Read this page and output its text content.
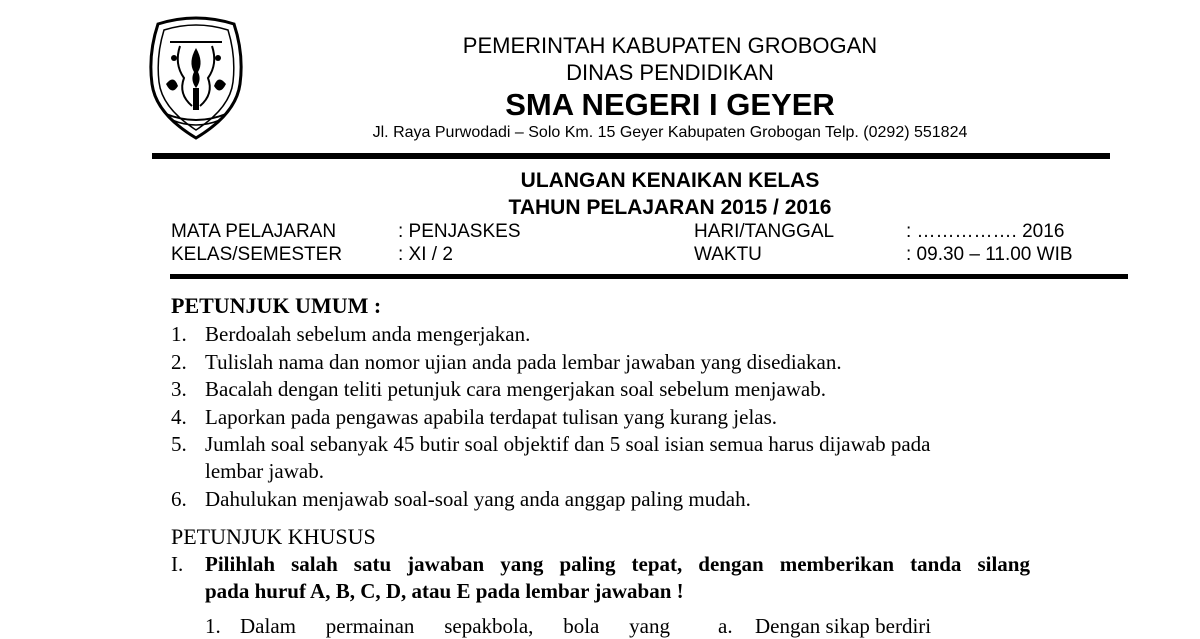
PEMERINTAH KABUPATEN GROBOGAN
DINAS PENDIDIKAN
SMA NEGERI I GEYER
Jl. Raya Purwodadi – Solo Km. 15 Geyer Kabupaten Grobogan Telp. (0292) 551824
ULANGAN KENAIKAN KELAS
TAHUN PELAJARAN 2015 / 2016
MATA PELAJARAN	: PENJASKES	HARI/TANGGAL	: ……………. 2016
KELAS/SEMESTER	: XI / 2	WAKTU	: 09.30 – 11.00 WIB
PETUNJUK UMUM :
1. Berdoalah sebelum anda mengerjakan.
2. Tulislah nama dan nomor ujian anda pada lembar jawaban yang disediakan.
3. Bacalah dengan teliti petunjuk cara mengerjakan soal sebelum menjawab.
4. Laporkan pada pengawas apabila terdapat tulisan yang kurang jelas.
5. Jumlah soal sebanyak 45 butir soal objektif dan 5 soal isian semua harus dijawab pada
lembar jawab.
6. Dahulukan menjawab soal-soal yang anda anggap paling mudah.
PETUNJUK KHUSUS
I. Pilihlah salah satu jawaban yang paling tepat, dengan memberikan tanda silang
pada huruf A, B, C, D, atau E pada lembar jawaban !
1. Dalam permainan sepakbola, bola yang a. Dengan sikap berdiri
